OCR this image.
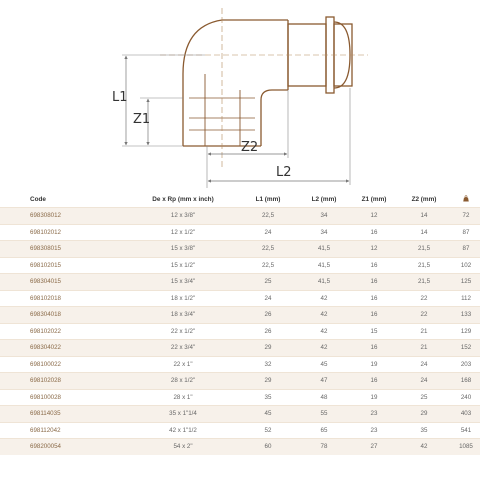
L1
Z1
Z2
L2
Code	De x Rp (mm x inch)	L1 (mm)	L2 (mm)	Z1 (mm)	Z2 (mm)	
698308012	12 x 3/8"	22,5	34	12	14	72
698102012	12 x 1/2"	24	34	16	14	87
698308015	15 x 3/8"	22,5	41,5	12	21,5	87
698102015	15 x 1/2"	22,5	41,5	16	21,5	102
698304015	15 x 3/4"	25	41,5	16	21,5	125
698102018	18 x 1/2"	24	42	16	22	112
698304018	18 x 3/4"	26	42	16	22	133
698102022	22 x 1/2"	26	42	15	21	129
698304022	22 x 3/4"	29	42	16	21	152
698100022	22 x 1"	32	45	19	24	203
698102028	28 x 1/2"	29	47	16	24	168
698100028	28 x 1"	35	48	19	25	240
698114035	35 x 1"1/4	45	55	23	29	403
698112042	42 x 1"1/2	52	65	23	35	541
698200054	54 x 2"	60	78	27	42	1085
